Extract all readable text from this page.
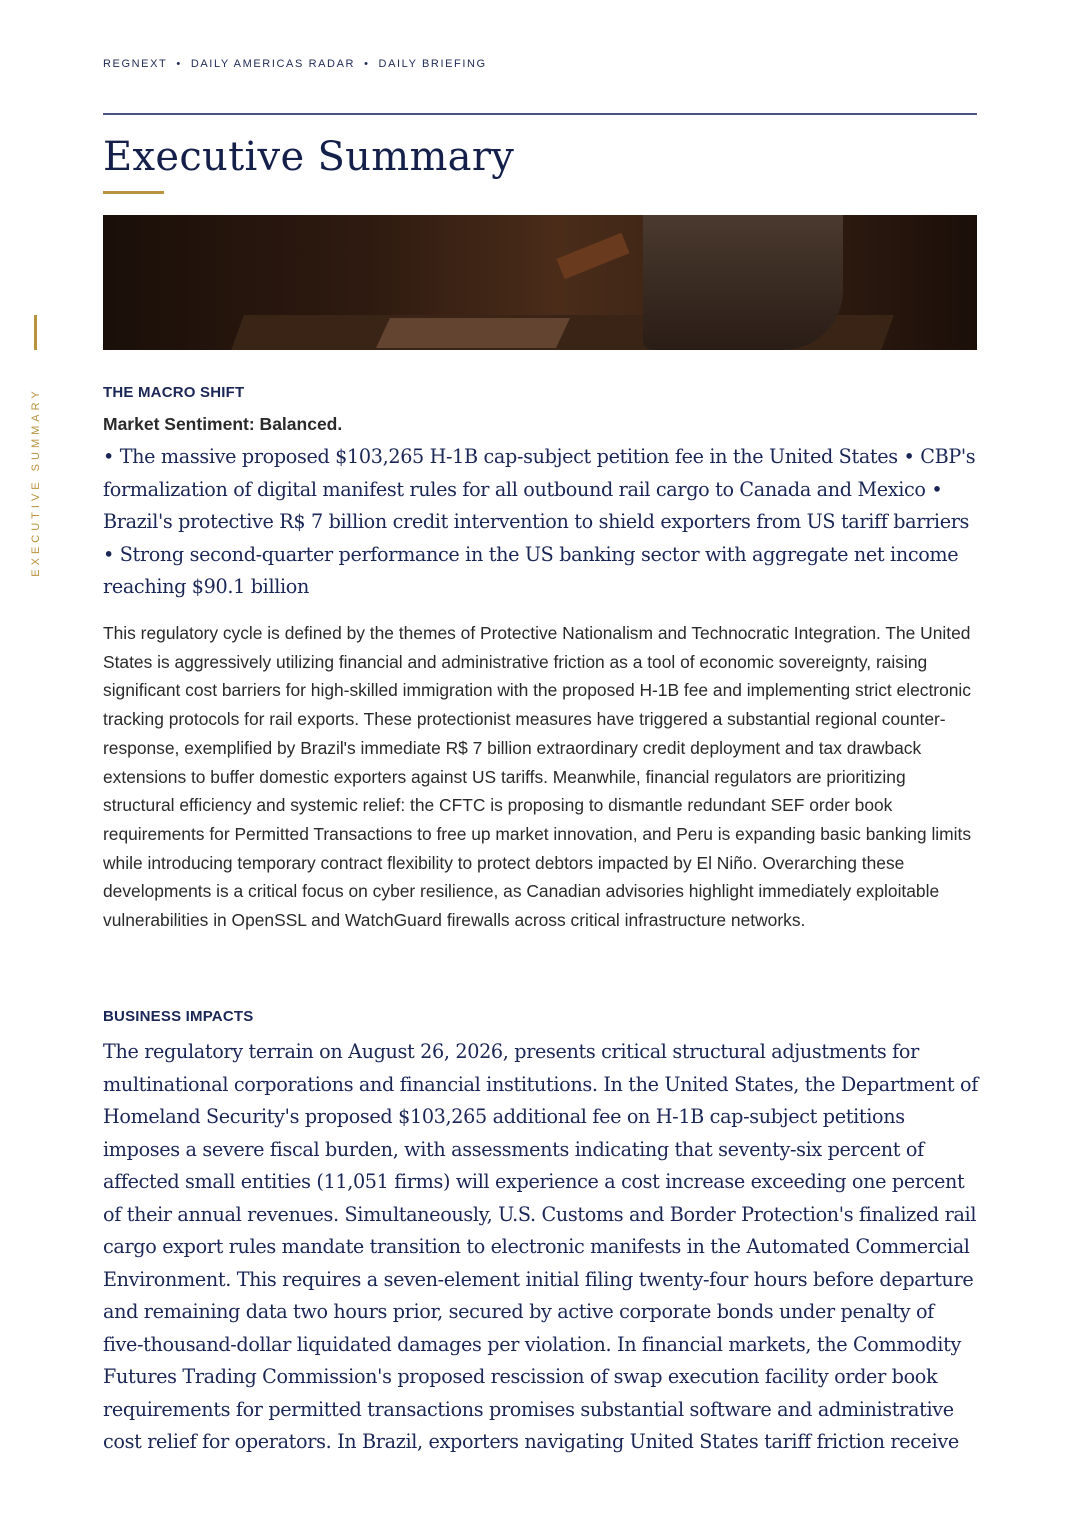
REGNEXT • DAILY AMERICAS RADAR • DAILY BRIEFING
Executive Summary
EXECUTIVE SUMMARY	THE MACRO SHIFT

Market Sentiment: Balanced.

• The massive proposed $103,265 H-1B cap-subject petition fee in the United States • CBP's formalization of digital manifest rules for all outbound rail cargo to Canada and Mexico • Brazil's protective R$ 7 billion credit intervention to shield exporters from US tariff barriers • Strong second-quarter performance in the US banking sector with aggregate net income reaching $90.1 billion

This regulatory cycle is defined by the themes of Protective Nationalism and Technocratic Integration. The United States is aggressively utilizing financial and administrative friction as a tool of economic sovereignty, raising significant cost barriers for high-skilled immigration with the proposed H-1B fee and implementing strict electronic tracking protocols for rail exports. These protectionist measures have triggered a substantial regional counter-response, exemplified by Brazil's immediate R$ 7 billion extraordinary credit deployment and tax drawback extensions to buffer domestic exporters against US tariffs. Meanwhile, financial regulators are prioritizing structural efficiency and systemic relief: the CFTC is proposing to dismantle redundant SEF order book requirements for Permitted Transactions to free up market innovation, and Peru is expanding basic banking limits while introducing temporary contract flexibility to protect debtors impacted by El Niño. Overarching these developments is a critical focus on cyber resilience, as Canadian advisories highlight immediately exploitable vulnerabilities in OpenSSL and WatchGuard firewalls across critical infrastructure networks.

BUSINESS IMPACTS

The regulatory terrain on August 26, 2026, presents critical structural adjustments for multinational corporations and financial institutions. In the United States, the Department of Homeland Security's proposed $103,265 additional fee on H-1B cap-subject petitions imposes a severe fiscal burden, with assessments indicating that seventy-six percent of affected small entities (11,051 firms) will experience a cost increase exceeding one percent of their annual revenues. Simultaneously, U.S. Customs and Border Protection's finalized rail cargo export rules mandate transition to electronic manifests in the Automated Commercial Environment. This requires a seven-element initial filing twenty-four hours before departure and remaining data two hours prior, secured by active corporate bonds under penalty of five-thousand-dollar liquidated damages per violation. In financial markets, the Commodity Futures Trading Commission's proposed rescission of swap execution facility order book requirements for permitted transactions promises substantial software and administrative cost relief for operators. In Brazil, exporters navigating United States tariff friction receive
